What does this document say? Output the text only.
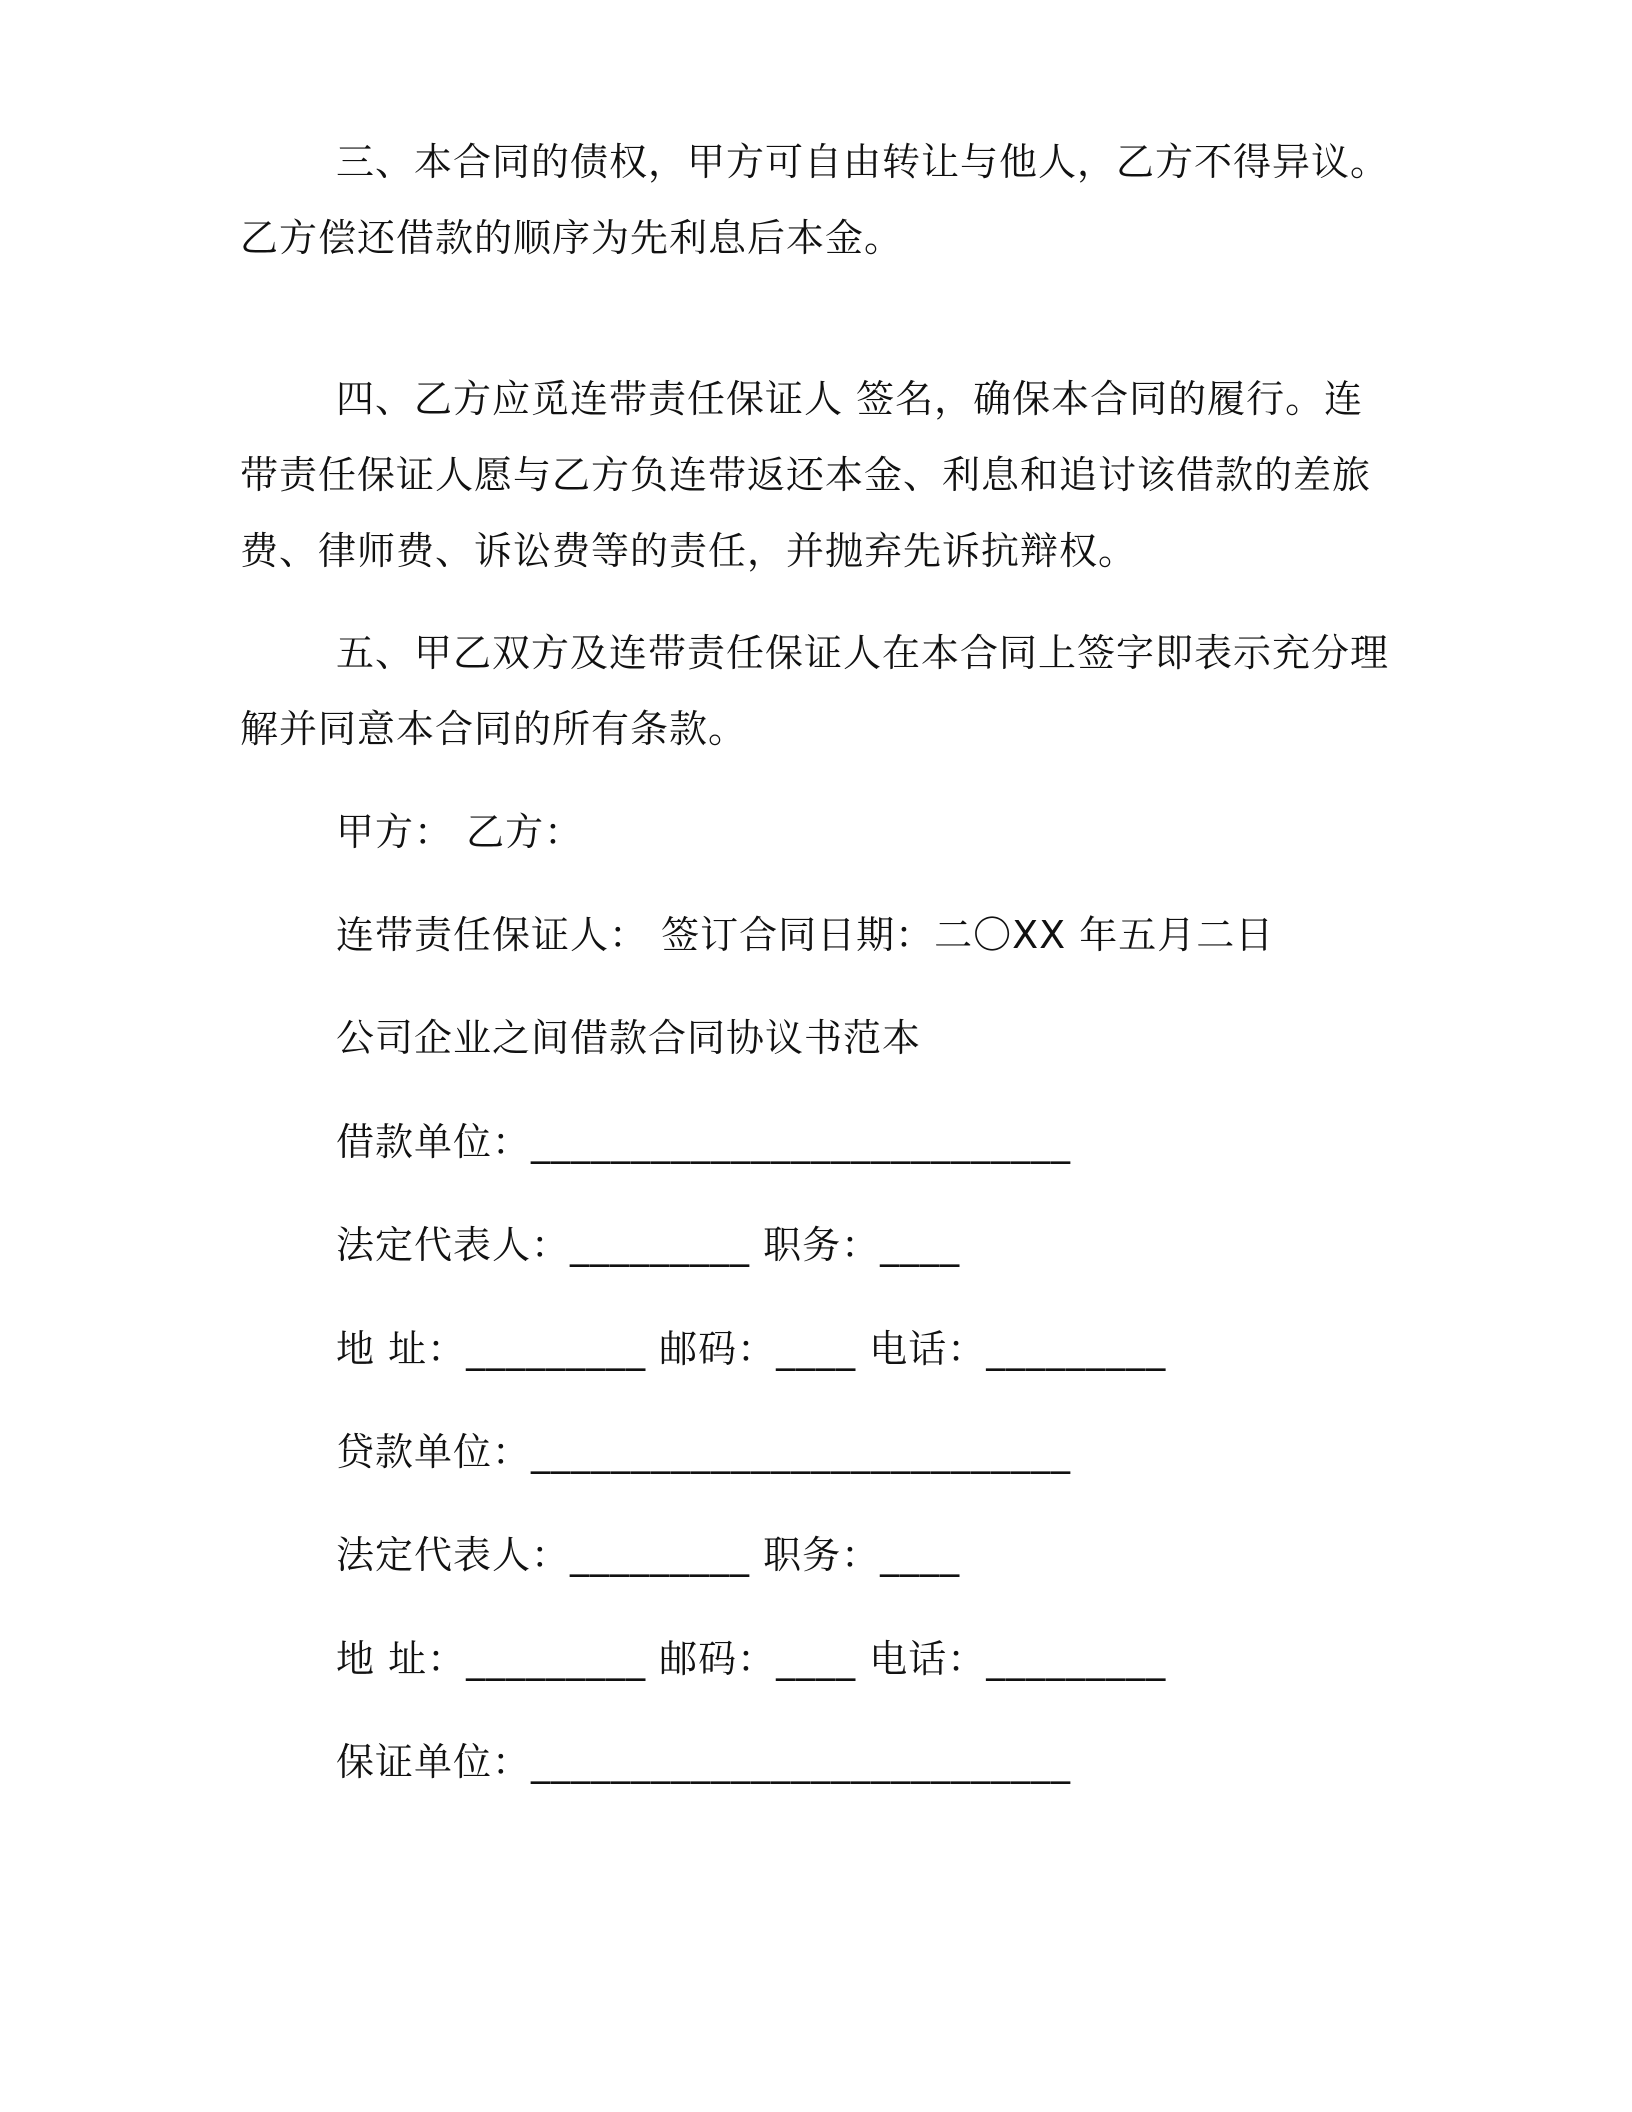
三、本合同的债权，甲方可自由转让与他人，乙方不得异议。乙方偿还借款的顺序为先利息后本金。

四、乙方应觅连带责任保证人 签名，确保本合同的履行。连带责任保证人愿与乙方负连带返还本金、利息和追讨该借款的差旅费、律师费、诉讼费等的责任，并抛弃先诉抗辩权。

五、甲乙双方及连带责任保证人在本合同上签字即表示充分理解并同意本合同的所有条款。

甲方： 乙方：

连带责任保证人： 签订合同日期：二〇XX 年五月二日

公司企业之间借款合同协议书范本

借款单位：___________________________

法定代表人：_________ 职务：____

地 址：_________ 邮码：____ 电话：_________

贷款单位：___________________________

法定代表人：_________ 职务：____

地 址：_________ 邮码：____ 电话：_________

保证单位：___________________________
